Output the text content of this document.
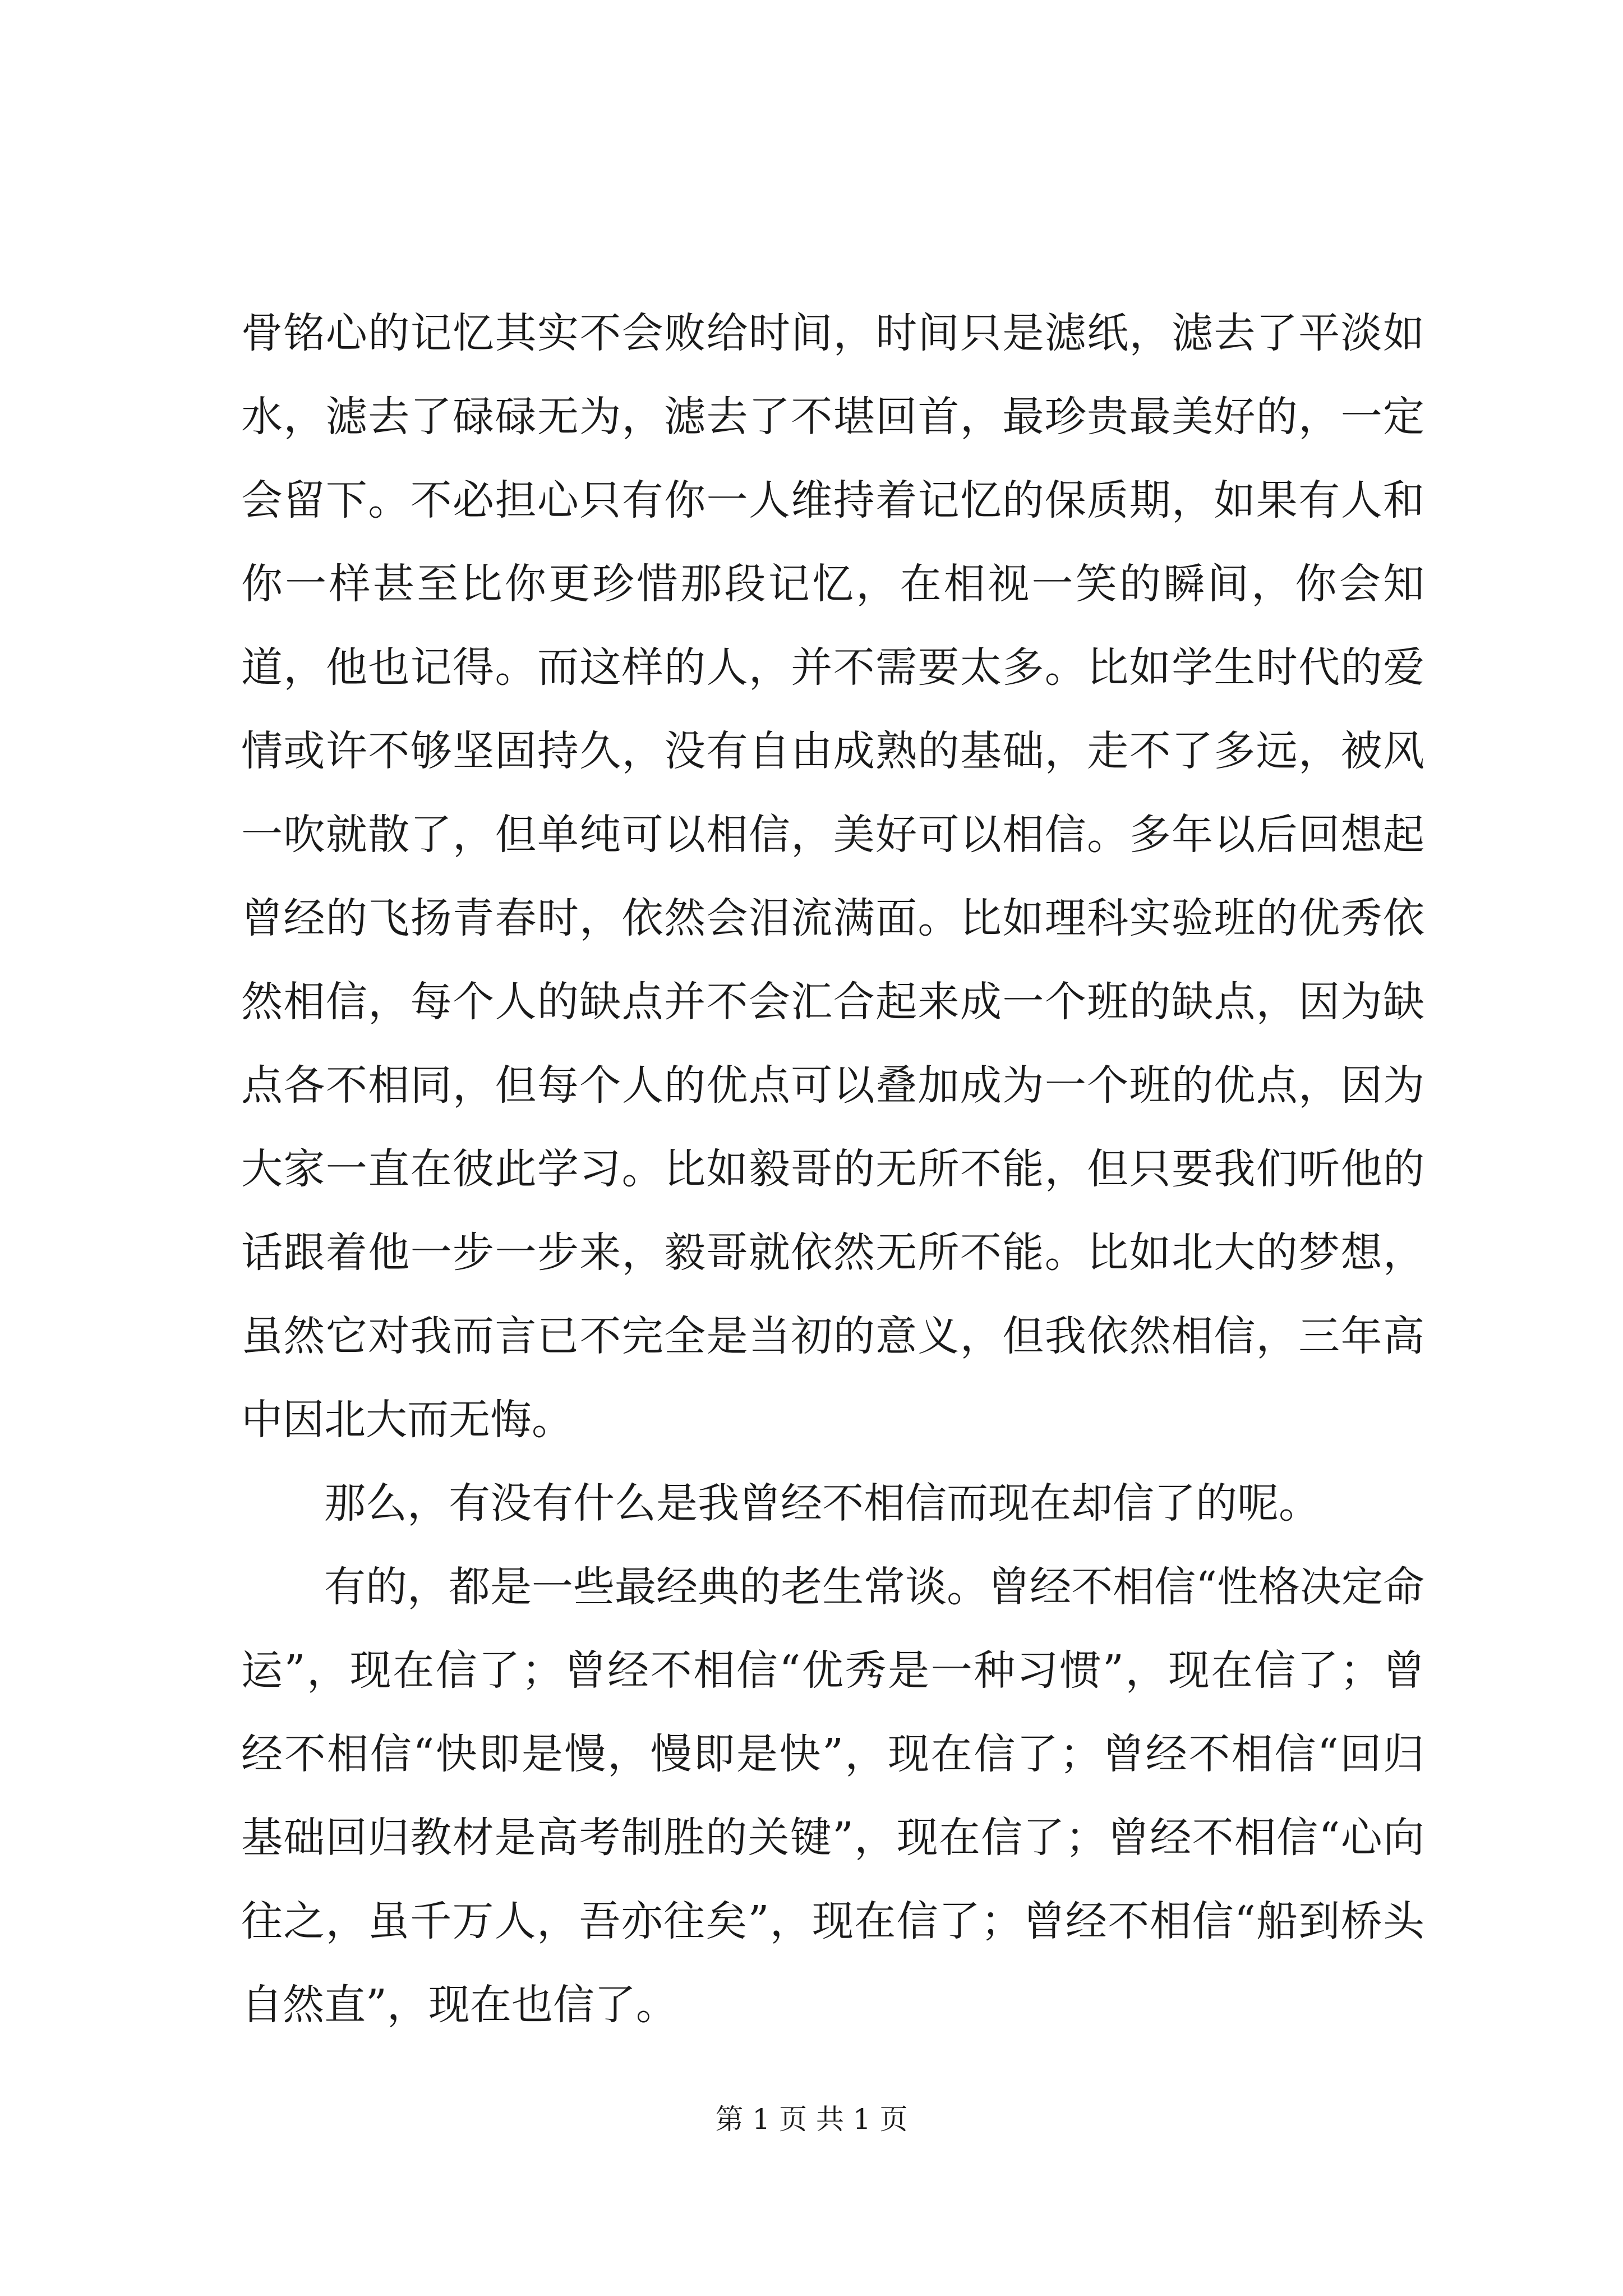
骨铭心的记忆其实不会败给时间，时间只是滤纸，滤去了平淡如水，滤去了碌碌无为，滤去了不堪回首，最珍贵最美好的，一定会留下。不必担心只有你一人维持着记忆的保质期，如果有人和你一样甚至比你更珍惜那段记忆，在相视一笑的瞬间，你会知道，他也记得。而这样的人，并不需要太多。比如学生时代的爱情或许不够坚固持久，没有自由成熟的基础，走不了多远，被风一吹就散了，但单纯可以相信，美好可以相信。多年以后回想起曾经的飞扬青春时，依然会泪流满面。比如理科实验班的优秀依然相信，每个人的缺点并不会汇合起来成一个班的缺点，因为缺点各不相同，但每个人的优点可以叠加成为一个班的优点，因为大家一直在彼此学习。比如毅哥的无所不能，但只要我们听他的话跟着他一步一步来，毅哥就依然无所不能。比如北大的梦想，虽然它对我而言已不完全是当初的意义，但我依然相信，三年高中因北大而无悔。

那么，有没有什么是我曾经不相信而现在却信了的呢。

有的，都是一些最经典的老生常谈。曾经不相信“性格决定命运”，现在信了；曾经不相信“优秀是一种习惯”，现在信了；曾经不相信“快即是慢，慢即是快”，现在信了；曾经不相信“回归基础回归教材是高考制胜的关键”，现在信了；曾经不相信“心向往之，虽千万人，吾亦往矣”，现在信了；曾经不相信“船到桥头自然直”，现在也信了。

第 1 页 共 1 页
